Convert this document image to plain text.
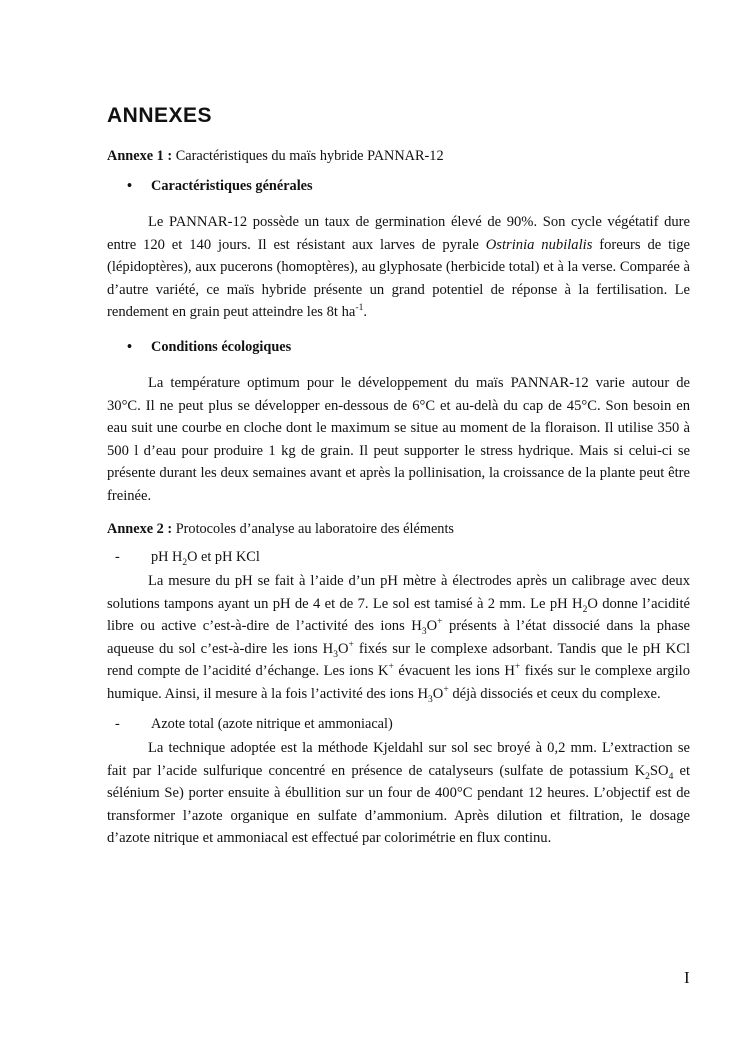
ANNEXES
Annexe 1 : Caractéristiques du maïs hybride PANNAR-12
• Caractéristiques générales

Le PANNAR-12 possède un taux de germination élevé de 90%. Son cycle végétatif dure entre 120 et 140 jours. Il est résistant aux larves de pyrale Ostrinia nubilalis foreurs de tige (lépidoptères), aux pucerons (homoptères), au glyphosate (herbicide total) et à la verse. Comparée à d’autre variété, ce maïs hybride présente un grand potentiel de réponse à la fertilisation. Le rendement en grain peut atteindre les 8t $ha^{-1}$.

• Conditions écologiques

La température optimum pour le développement du maïs PANNAR-12 varie autour de 30°C. Il ne peut plus se développer en-dessous de 6°C et au-delà du cap de 45°C. Son besoin en eau suit une courbe en cloche dont le maximum se situe au moment de la floraison. Il utilise 350 à 500 l d’eau pour produire 1 kg de grain. Il peut supporter le stress hydrique. Mais si celui-ci se présente durant les deux semaines avant et après la pollinisation, la croissance de la plante peut être freinée.

Annexe 2 : Protocoles d’analyse au laboratoire des éléments
- pH $H_2O$ et pH KCl

La mesure du pH se fait à l’aide d’un pH mètre à électrodes après un calibrage avec deux solutions tampons ayant un pH de 4 et de 7. Le sol est tamisé à 2 mm. Le pH $H_2O$ donne l’acidité libre ou active c’est-à-dire de l’activité des ions $H_3O^+$ présents à l’état dissocié dans la phase aqueuse du sol c’est-à-dire les ions $H_3O^+$ fixés sur le complexe adsorbant. Tandis que le pH KCl rend compte de l’acidité d’échange. Les ions K+ évacuent les ions H+ fixés sur le complexe argilo humique. Ainsi, il mesure à la fois l’activité des ions $H_3O^+$ déjà dissociés et ceux du complexe.

- Azote total (azote nitrique et ammoniacal)

La technique adoptée est la méthode Kjeldahl sur sol sec broyé à 0,2 mm. L’extraction se fait par l’acide sulfurique concentré en présence de catalyseurs (sulfate de potassium $K_2SO_4$ et sélénium Se) porter ensuite à ébullition sur un four de 400°C pendant 12 heures. L’objectif est de transformer l’azote organique en sulfate d’ammonium. Après dilution et filtration, le dosage d’azote nitrique et ammoniacal est effectué par colorimétrie en flux continu.

I
